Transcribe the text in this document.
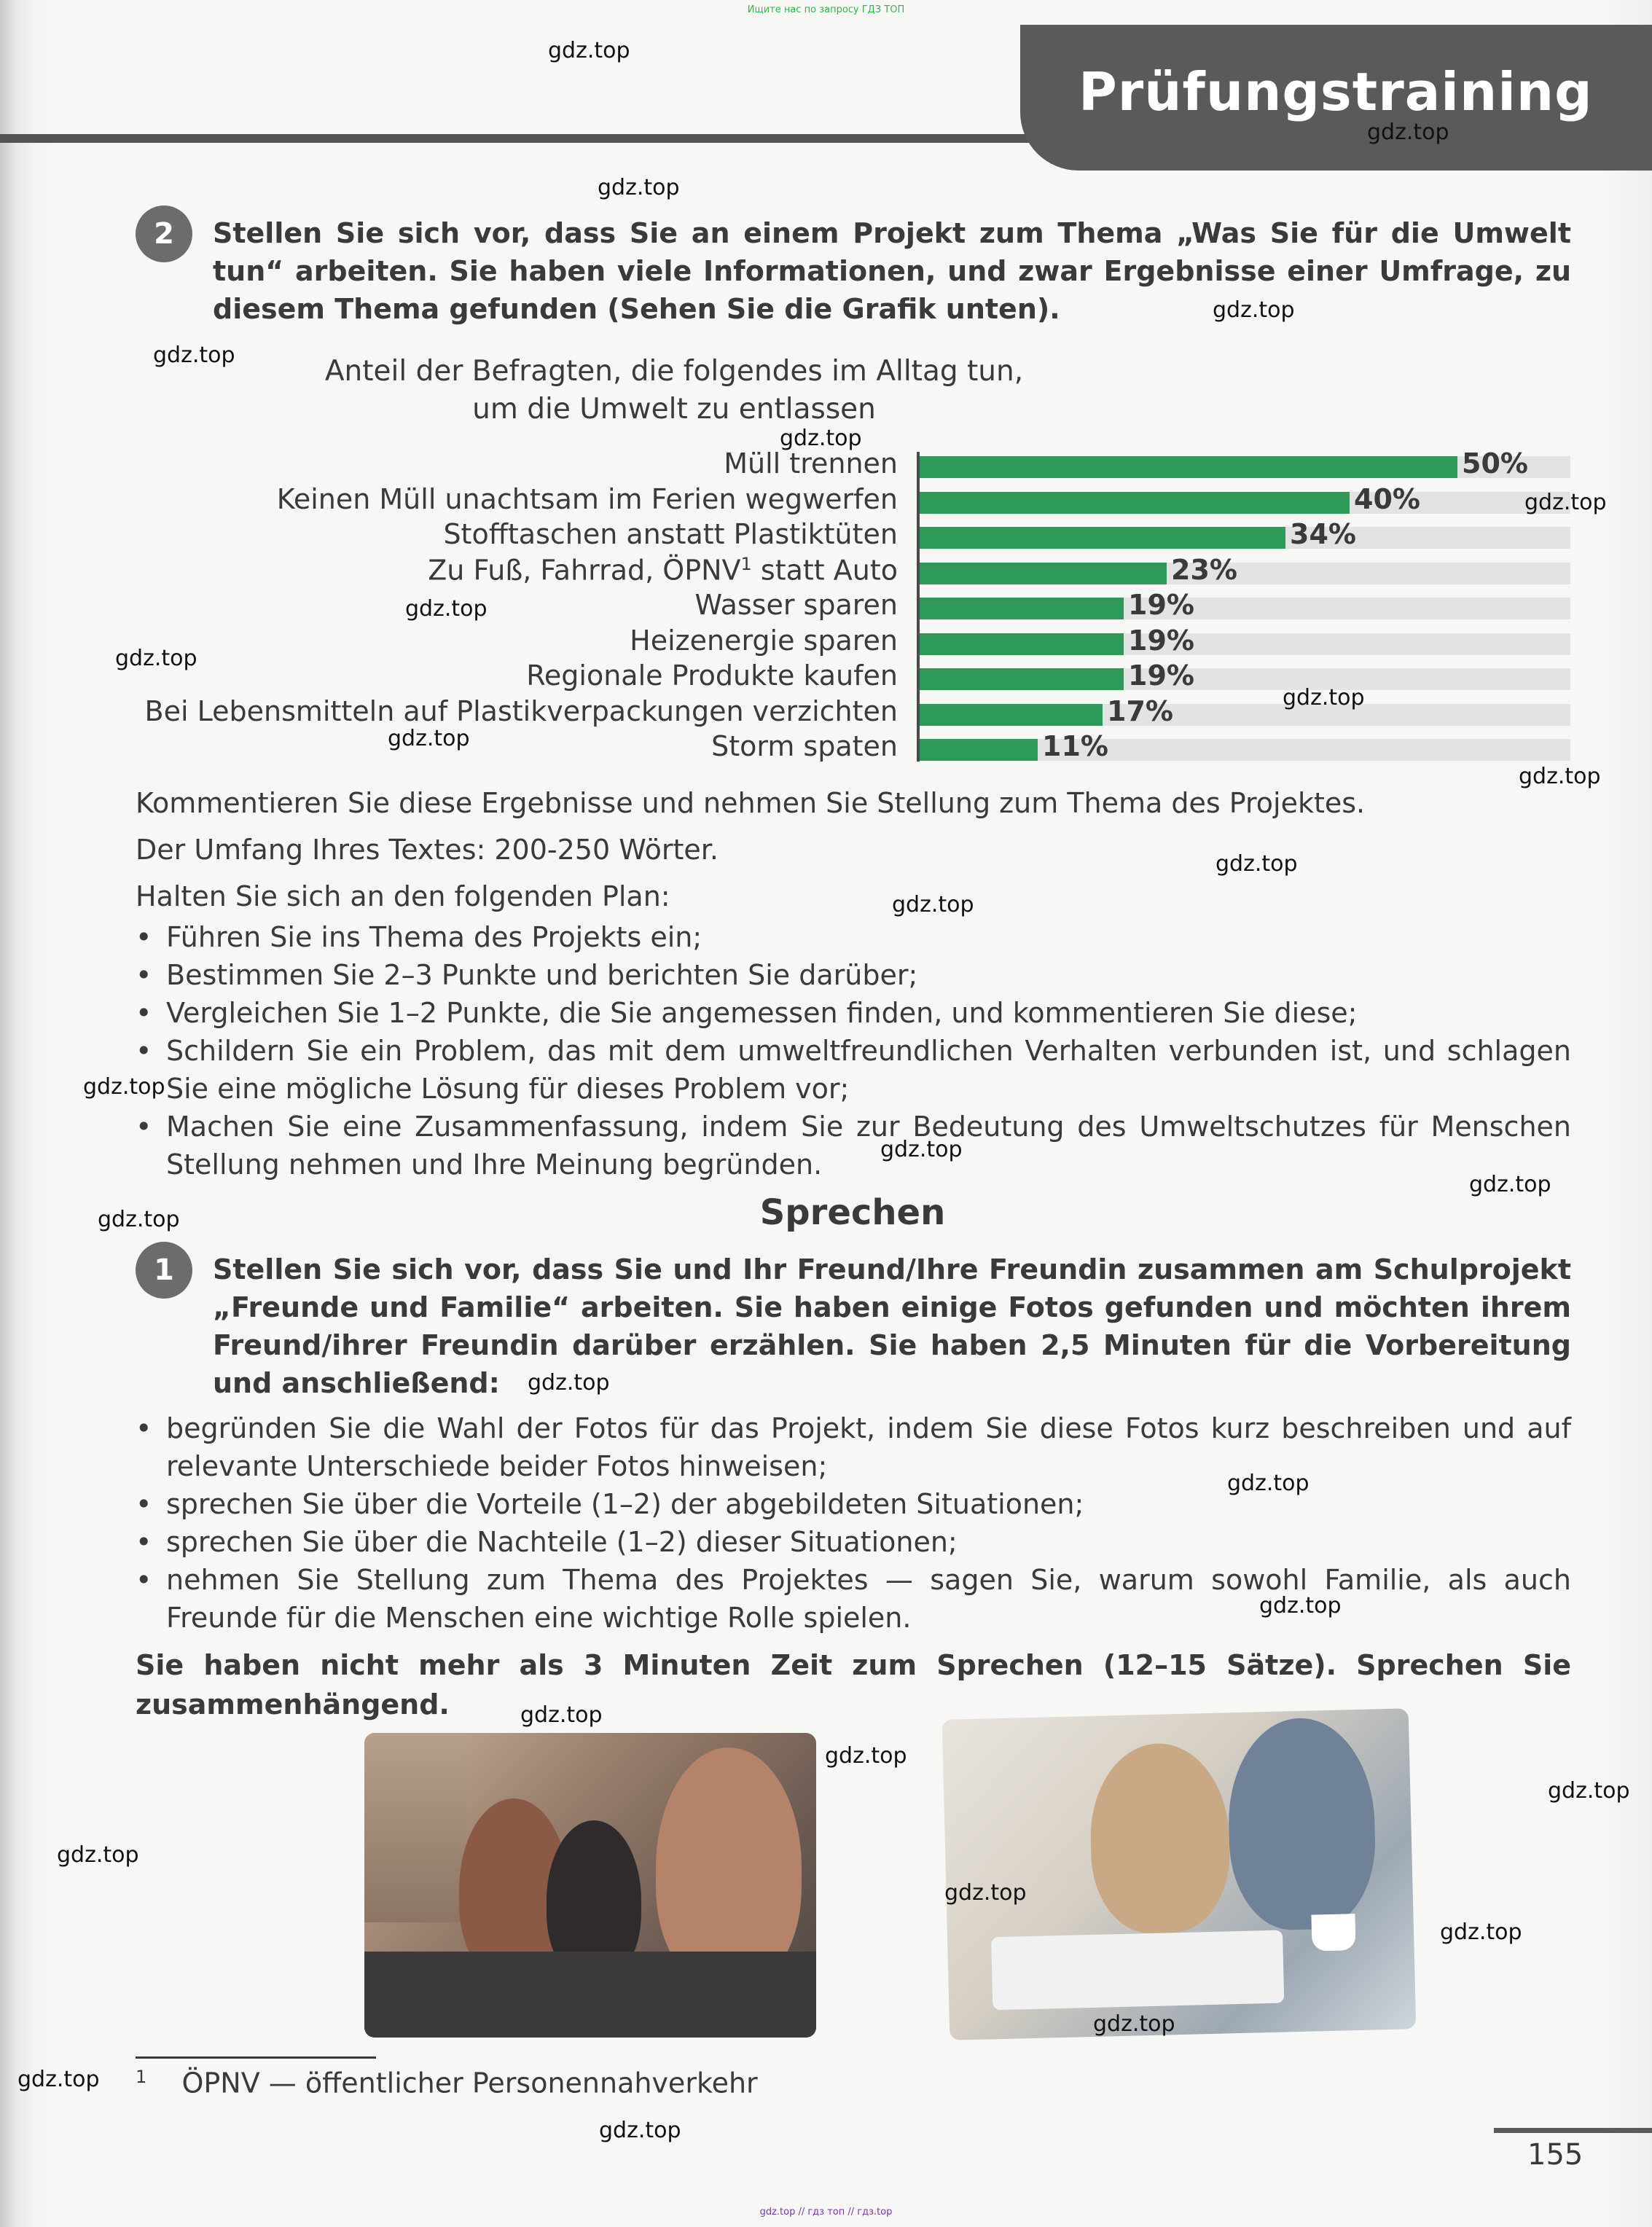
Ищите нас по запросу ГДЗ ТОП
Prüfungstraining
2	Stellen Sie sich vor, dass Sie an einem Projekt zum Thema „Was Sie für die Umwelt tun“ arbeiten. Sie haben viele Informationen, und zwar Ergebnisse einer Umfrage, zu diesem Thema gefunden (Sehen Sie die Grafik unten).
Anteil der Befragten, die folgendes im Alltag tun,
um die Umwelt zu entlassen
Müll trennen	50%
Keinen Müll unachtsam im Ferien wegwerfen	40%
Stofftaschen anstatt Plastiktüten	34%
Zu Fuß, Fahrrad, ÖPNV$^1$ statt Auto	23%
Wasser sparen	19%
Heizenergie sparen	19%
Regionale Produkte kaufen	19%
Bei Lebensmitteln auf Plastikverpackungen verzichten	17%
Storm spaten	11%
Kommentieren Sie diese Ergebnisse und nehmen Sie Stellung zum Thema des Projektes.
Der Umfang Ihres Textes: 200-250 Wörter.
Halten Sie sich an den folgenden Plan:
• Führen Sie ins Thema des Projekts ein;
• Bestimmen Sie 2–3 Punkte und berichten Sie darüber;
• Vergleichen Sie 1–2 Punkte, die Sie angemessen finden, und kommentieren Sie diese;
• Schildern Sie ein Problem, das mit dem umweltfreundlichen Verhalten verbunden ist, und schlagen Sie eine mögliche Lösung für dieses Problem vor;
• Machen Sie eine Zusammenfassung, indem Sie zur Bedeutung des Umweltschutzes für Menschen Stellung nehmen und Ihre Meinung begründen.
Sprechen
1	Stellen Sie sich vor, dass Sie und Ihr Freund/Ihre Freundin zusammen am Schulprojekt „Freunde und Familie“ arbeiten. Sie haben einige Fotos gefunden und möchten ihrem Freund/ihrer Freundin darüber erzählen. Sie haben 2,5 Minuten für die Vorbereitung und anschließend:
• begründen Sie die Wahl der Fotos für das Projekt, indem Sie diese Fotos kurz beschreiben und auf relevante Unterschiede beider Fotos hinweisen;
• sprechen Sie über die Vorteile (1–2) der abgebildeten Situationen;
• sprechen Sie über die Nachteile (1–2) dieser Situationen;
• nehmen Sie Stellung zum Thema des Projektes — sagen Sie, warum sowohl Familie, als auch Freunde für die Menschen eine wichtige Rolle spielen.
Sie haben nicht mehr als 3 Minuten Zeit zum Sprechen (12–15 Sätze). Sprechen Sie zusammenhängend.
$^1$ ÖPNV — öffentlicher Personennahverkehr
155
gdz.top // гдз топ // гдз.top
gdz.top
gdz.top
gdz.top
gdz.top
gdz.top
gdz.top
gdz.top
gdz.top
gdz.top
gdz.top
gdz.top
gdz.top
gdz.top
gdz.top
gdz.top
gdz.top
gdz.top
gdz.top
gdz.top
gdz.top
gdz.top
gdz.top
gdz.top
gdz.top
gdz.top
gdz.top
gdz.top
gdz.top
gdz.top
gdz.top
